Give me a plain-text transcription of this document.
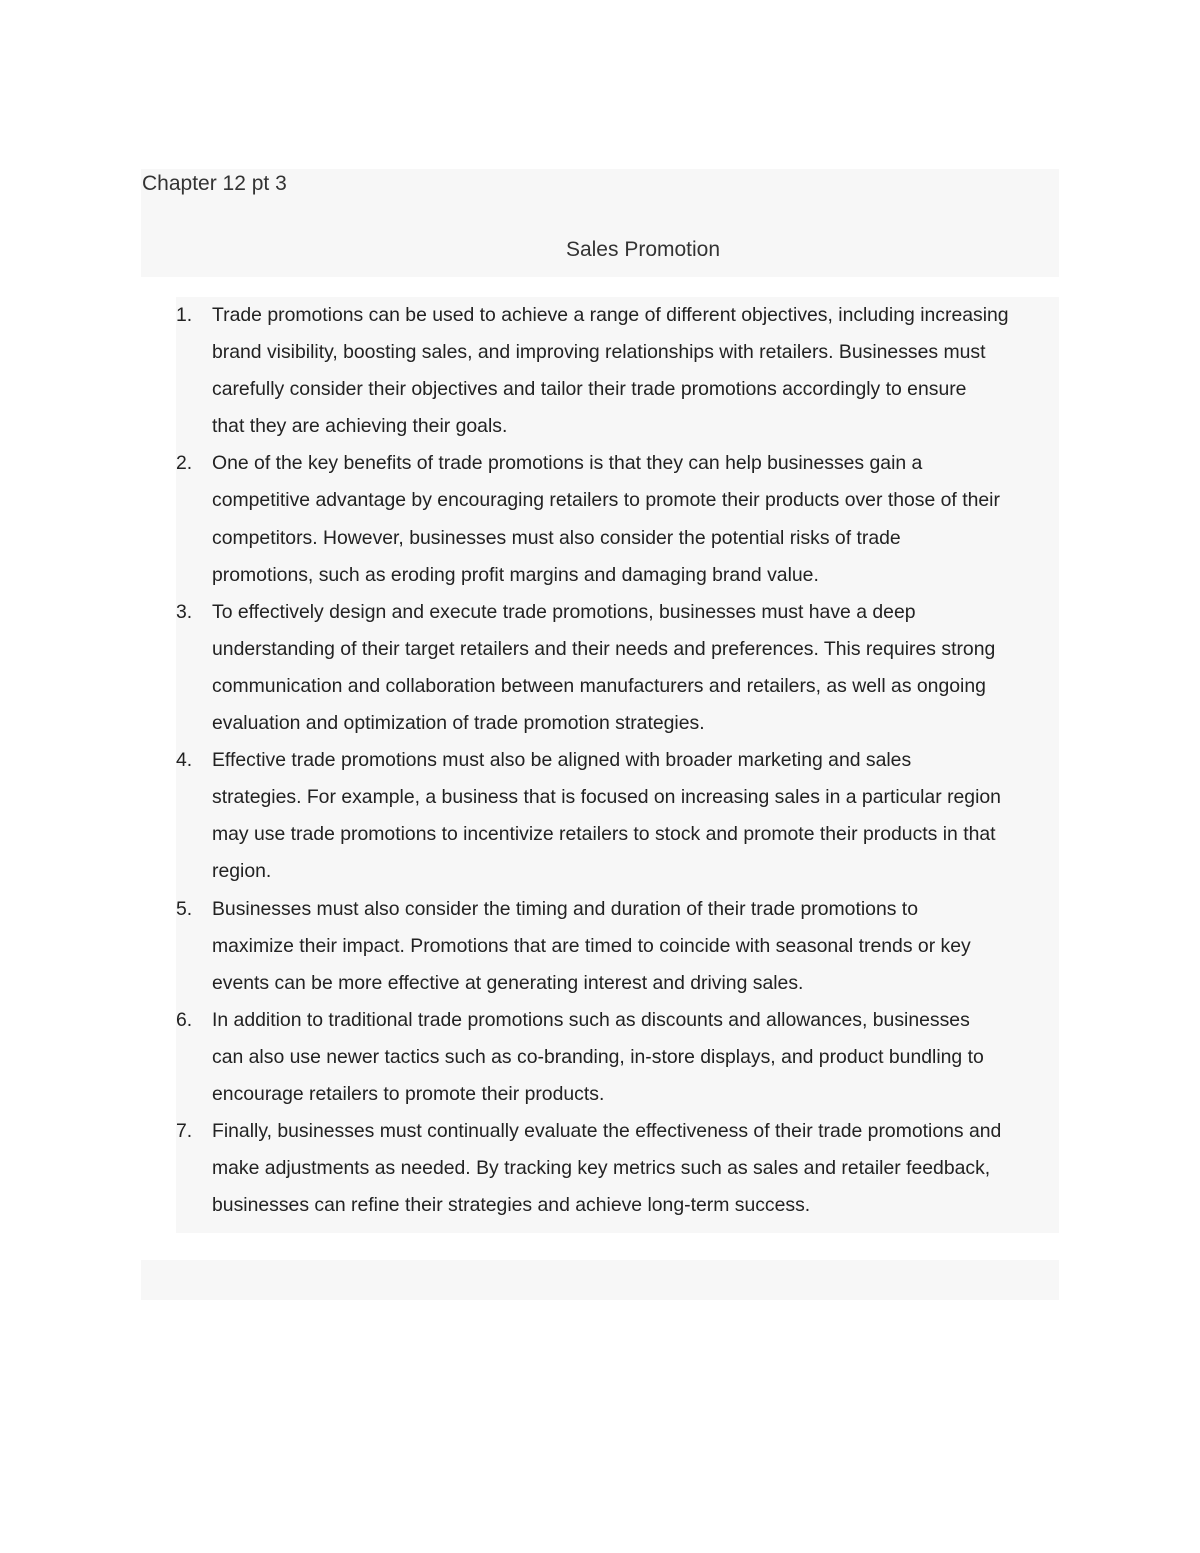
Chapter 12 pt 3
Sales Promotion
1. Trade promotions can be used to achieve a range of different objectives, including increasing
brand visibility, boosting sales, and improving relationships with retailers. Businesses must
carefully consider their objectives and tailor their trade promotions accordingly to ensure
that they are achieving their goals.
2. One of the key benefits of trade promotions is that they can help businesses gain a
competitive advantage by encouraging retailers to promote their products over those of their
competitors. However, businesses must also consider the potential risks of trade
promotions, such as eroding profit margins and damaging brand value.
3. To effectively design and execute trade promotions, businesses must have a deep
understanding of their target retailers and their needs and preferences. This requires strong
communication and collaboration between manufacturers and retailers, as well as ongoing
evaluation and optimization of trade promotion strategies.
4. Effective trade promotions must also be aligned with broader marketing and sales
strategies. For example, a business that is focused on increasing sales in a particular region
may use trade promotions to incentivize retailers to stock and promote their products in that
region.
5. Businesses must also consider the timing and duration of their trade promotions to
maximize their impact. Promotions that are timed to coincide with seasonal trends or key
events can be more effective at generating interest and driving sales.
6. In addition to traditional trade promotions such as discounts and allowances, businesses
can also use newer tactics such as co-branding, in-store displays, and product bundling to
encourage retailers to promote their products.
7. Finally, businesses must continually evaluate the effectiveness of their trade promotions and
make adjustments as needed. By tracking key metrics such as sales and retailer feedback,
businesses can refine their strategies and achieve long-term success.
